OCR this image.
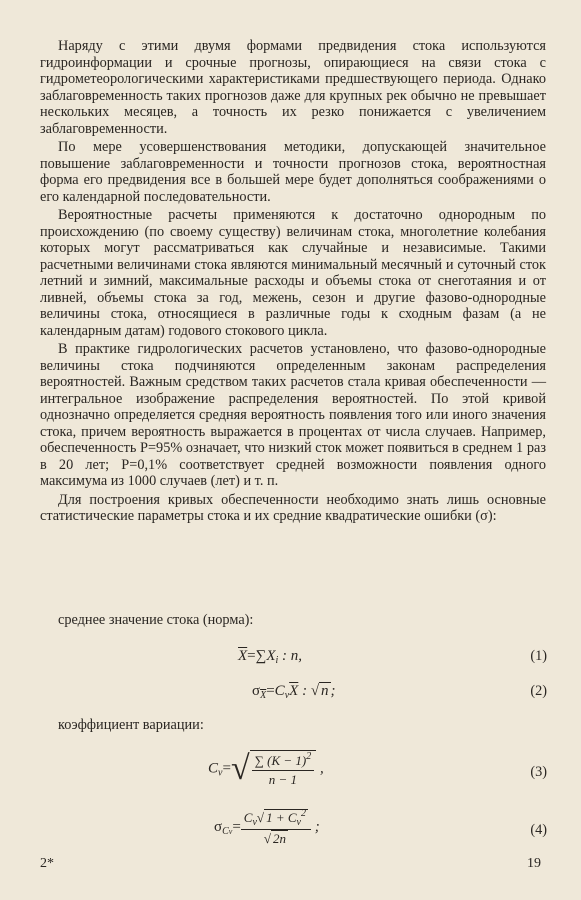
Наряду с этими двумя формами предвидения стока используются гидроинформации и срочные прогнозы, опирающиеся на связи стока с гидрометеорологическими характеристиками предшествующего периода. Однако заблаговременность таких прогнозов даже для крупных рек обычно не превышает нескольких месяцев, а точность их резко понижается с увеличением заблаговременности.

По мере усовершенствования методики, допускающей значительное повышение заблаговременности и точности прогнозов стока, вероятностная форма его предвидения все в большей мере будет дополняться соображениями о его календарной последовательности.

Вероятностные расчеты применяются к достаточно однородным по происхождению (по своему существу) величинам стока, многолетние колебания которых могут рассматриваться как случайные и независимые. Такими расчетными величинами стока являются минимальный месячный и суточный сток летний и зимний, максимальные расходы и объемы стока от снеготаяния и от ливней, объемы стока за год, межень, сезон и другие фазово-однородные величины стока, относящиеся в различные годы к сходным фазам (а не календарным датам) годового стокового цикла.

В практике гидрологических расчетов установлено, что фазово-однородные величины стока подчиняются определенным законам распределения вероятностей. Важным средством таких расчетов стала кривая обеспеченности — интегральное изображение распределения вероятностей. По этой кривой однозначно определяется средняя вероятность появления того или иного значения стока, причем вероятность выражается в процентах от числа случаев. Например, обеспеченность P=95% означает, что низкий сток может появиться в среднем 1 раз в 20 лет; P=0,1% соответствует средней возможности появления одного максимума из 1000 случаев (лет) и т. п.

Для построения кривых обеспеченности необходимо знать лишь основные статистические параметры стока и их средние квадратические ошибки (σ):

среднее значение стока (норма):
$\overline{X}=\sum X_i$ : n,	(1)
$\sigma_{\overline{X}}=C_v\overline{X}$ : √ n ;	(2)
коэффициент вариации:
$C_v=√ \frac{\sum (K - 1)^2}{n - 1}$ ,	(3)
$\sigma_{Cv}= \frac{C_v√ 1 + C_v^2}{√ 2n}$ ;	(4)
2*	19
